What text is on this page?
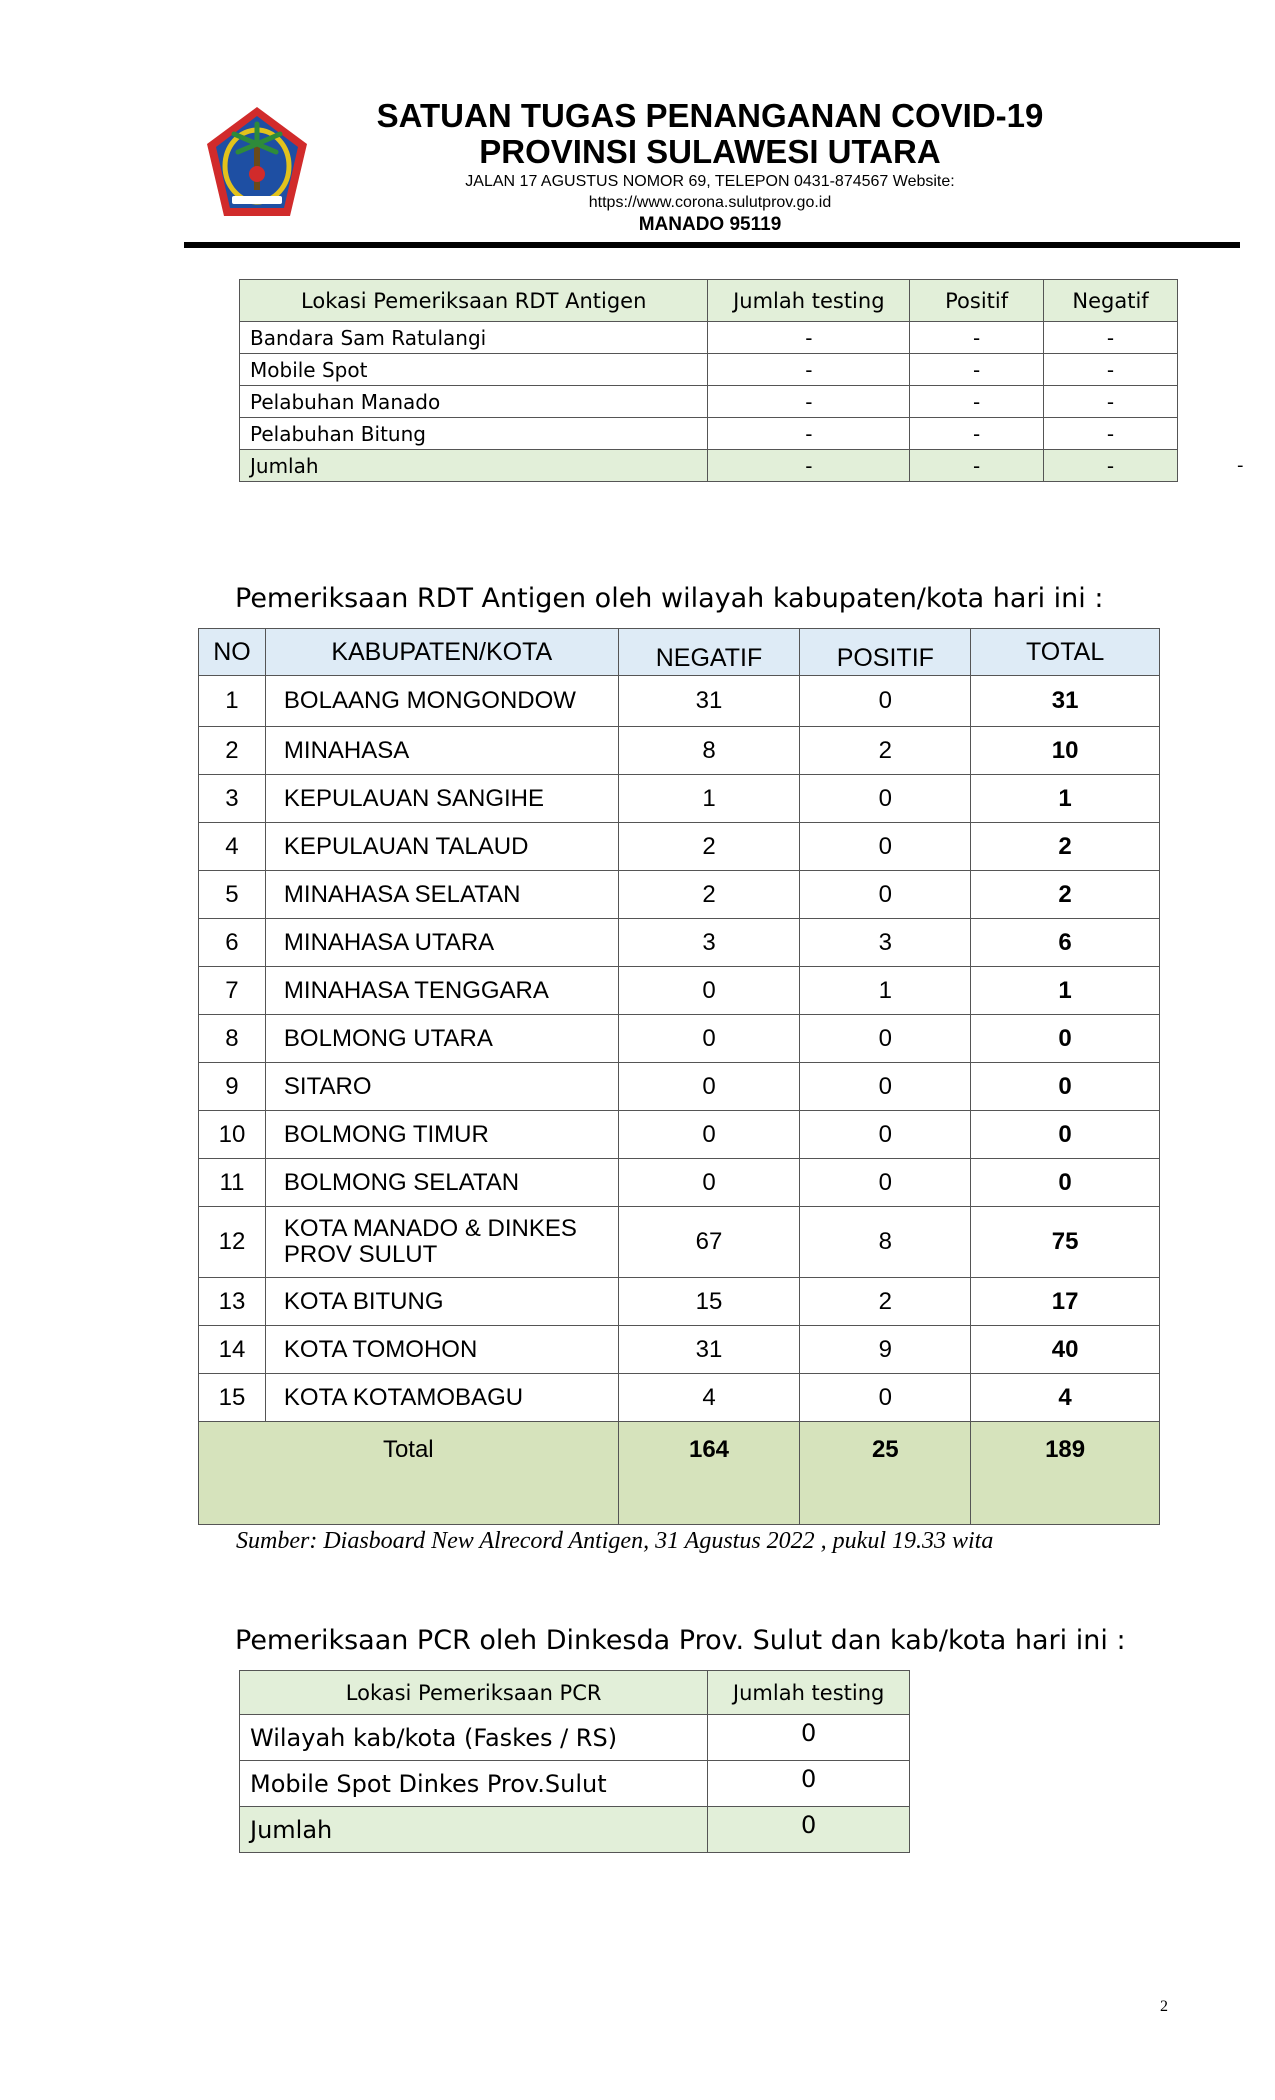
SATUAN TUGAS PENANGANAN COVID-19
PROVINSI SULAWESI UTARA
JALAN 17 AGUSTUS NOMOR 69, TELEPON 0431-874567 Website:
https://www.corona.sulutprov.go.id
MANADO 95119
Lokasi Pemeriksaan RDT Antigen	Jumlah testing	Positif	Negatif
Bandara Sam Ratulangi	-	-	-
Mobile Spot	-	-	-
Pelabuhan Manado	-	-	-
Pelabuhan Bitung	-	-	-
Jumlah	-	-	-	-
Pemeriksaan RDT Antigen oleh wilayah kabupaten/kota hari ini :
NO	KABUPATEN/KOTA	NEGATIF	POSITIF	TOTAL
1	BOLAANG MONGONDOW	31	0	31
2	MINAHASA	8	2	10
3	KEPULAUAN SANGIHE	1	0	1
4	KEPULAUAN TALAUD	2	0	2
5	MINAHASA SELATAN	2	0	2
6	MINAHASA UTARA	3	3	6
7	MINAHASA TENGGARA	0	1	1
8	BOLMONG UTARA	0	0	0
9	SITARO	0	0	0
10	BOLMONG TIMUR	0	0	0
11	BOLMONG SELATAN	0	0	0
12	KOTA MANADO & DINKES PROV SULUT	67	8	75
13	KOTA BITUNG	15	2	17
14	KOTA TOMOHON	31	9	40
15	KOTA KOTAMOBAGU	4	0	4
Total		164	25	189
Sumber: Diasboard New Alrecord Antigen, 31 Agustus 2022 , pukul 19.33 wita
Pemeriksaan PCR oleh Dinkesda Prov. Sulut dan kab/kota hari ini :
Lokasi Pemeriksaan PCR	Jumlah testing
Wilayah kab/kota (Faskes / RS)	0
Mobile Spot Dinkes Prov.Sulut	0
Jumlah	0
2
